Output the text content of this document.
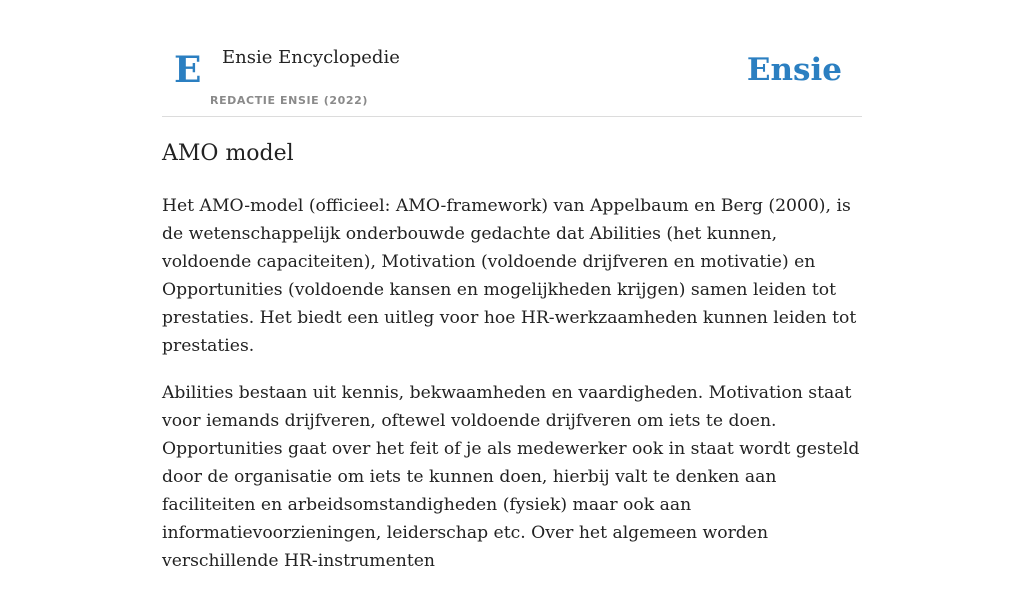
E Ensie Encyclopedie
REDACTIE ENSIE (2022)
Ensie
AMO model

Het AMO-model (officieel: AMO-framework) van Appelbaum en Berg (2000), is de wetenschappelijk onderbouwde gedachte dat Abilities (het kunnen, voldoende capaciteiten), Motivation (voldoende drijfveren en motivatie) en Opportunities (voldoende kansen en mogelijkheden krijgen) samen leiden tot prestaties. Het biedt een uitleg voor hoe HR-werkzaamheden kunnen leiden tot prestaties.

Abilities bestaan uit kennis, bekwaamheden en vaardigheden. Motivation staat voor iemands drijfveren, oftewel voldoende drijfveren om iets te doen. Opportunities gaat over het feit of je als medewerker ook in staat wordt gesteld door de organisatie om iets te kunnen doen, hierbij valt te denken aan faciliteiten en arbeidsomstandigheden (fysiek) maar ook aan informatievoorzieningen, leiderschap etc. Over het algemeen worden verschillende HR-instrumenten
